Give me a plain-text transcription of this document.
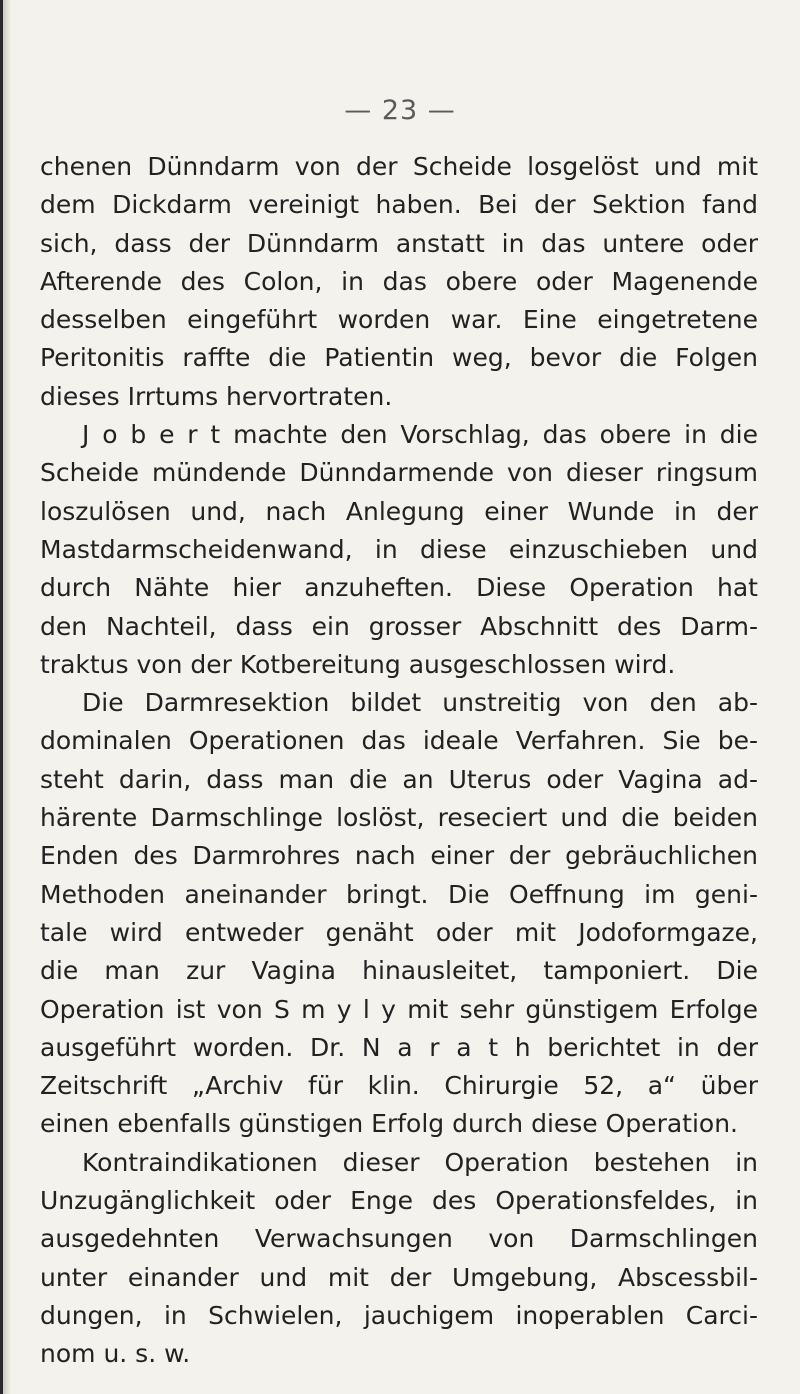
— 23 —
chenen Dünndarm von der Scheide losgelöst und mit
dem Dickdarm vereinigt haben. Bei der Sektion fand
sich, dass der Dünndarm anstatt in das untere oder
Afterende des Colon, in das obere oder Magenende
desselben eingeführt worden war. Eine eingetretene
Peritonitis raffte die Patientin weg, bevor die Folgen
dieses Irrtums hervortraten.
J o b e r t machte den Vorschlag, das obere in die
Scheide mündende Dünndarmende von dieser ringsum
loszulösen und, nach Anlegung einer Wunde in der
Mastdarmscheidenwand, in diese einzuschieben und
durch Nähte hier anzuheften. Diese Operation hat
den Nachteil, dass ein grosser Abschnitt des Darm-
traktus von der Kotbereitung ausgeschlossen wird.
Die Darmresektion bildet unstreitig von den ab-
dominalen Operationen das ideale Verfahren. Sie be-
steht darin, dass man die an Uterus oder Vagina ad-
härente Darmschlinge loslöst, reseciert und die beiden
Enden des Darmrohres nach einer der gebräuchlichen
Methoden aneinander bringt. Die Oeffnung im geni-
tale wird entweder genäht oder mit Jodoformgaze,
die man zur Vagina hinausleitet, tamponiert. Die
Operation ist von S m y l y mit sehr günstigem Erfolge
ausgeführt worden. Dr. N a r a t h berichtet in der
Zeitschrift „Archiv für klin. Chirurgie 52, a“ über
einen ebenfalls günstigen Erfolg durch diese Operation.
Kontraindikationen dieser Operation bestehen in
Unzugänglichkeit oder Enge des Operationsfeldes, in
ausgedehnten Verwachsungen von Darmschlingen
unter einander und mit der Umgebung, Abscessbil-
dungen, in Schwielen, jauchigem inoperablen Carci-
nom u. s. w.
